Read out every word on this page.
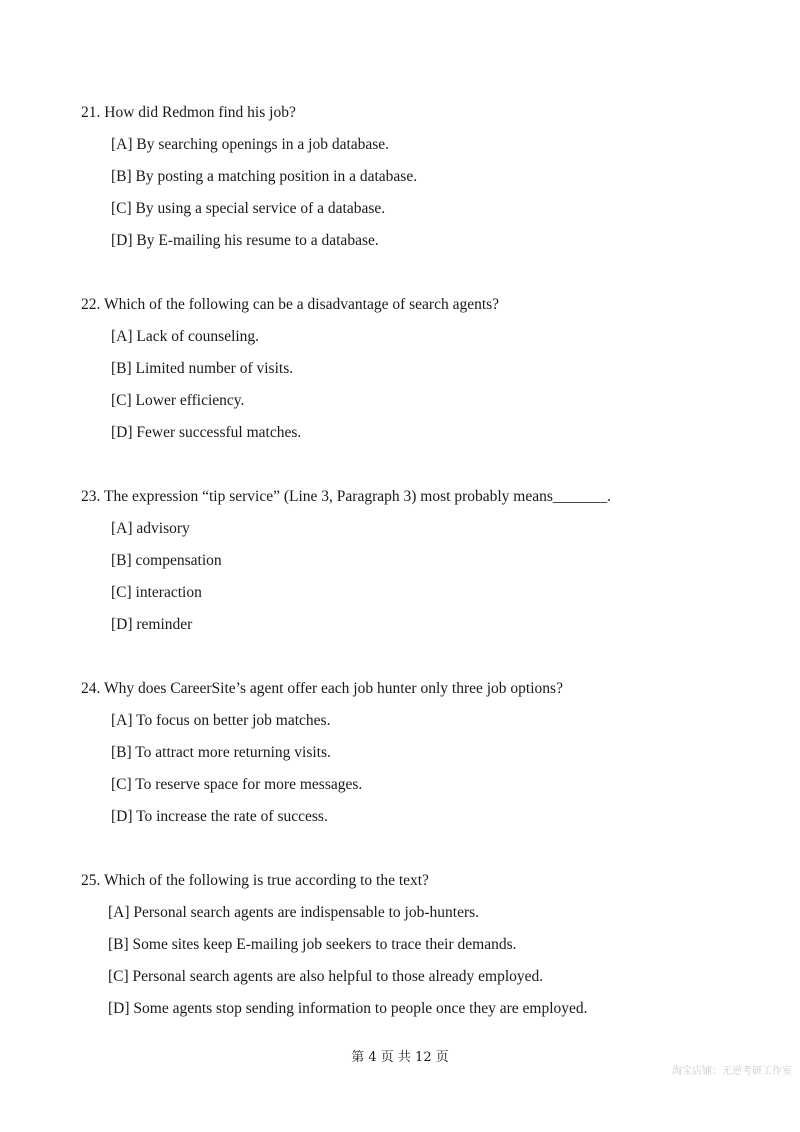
21. How did Redmon find his job?
[A] By searching openings in a job database.
[B] By posting a matching position in a database.
[C] By using a special service of a database.
[D] By E-mailing his resume to a database.
22. Which of the following can be a disadvantage of search agents?
[A] Lack of counseling.
[B] Limited number of visits.
[C] Lower efficiency.
[D] Fewer successful matches.
23. The expression “tip service” (Line 3, Paragraph 3) most probably means_______.
[A] advisory
[B] compensation
[C] interaction
[D] reminder
24. Why does CareerSite’s agent offer each job hunter only three job options?
[A] To focus on better job matches.
[B] To attract more returning visits.
[C] To reserve space for more messages.
[D] To increase the rate of success.
25. Which of the following is true according to the text?
[A] Personal search agents are indispensable to job-hunters.
[B] Some sites keep E-mailing job seekers to trace their demands.
[C] Personal search agents are also helpful to those already employed.
[D] Some agents stop sending information to people once they are employed.
第 4 页 共 12 页
淘宝店铺：无逆考研工作室
